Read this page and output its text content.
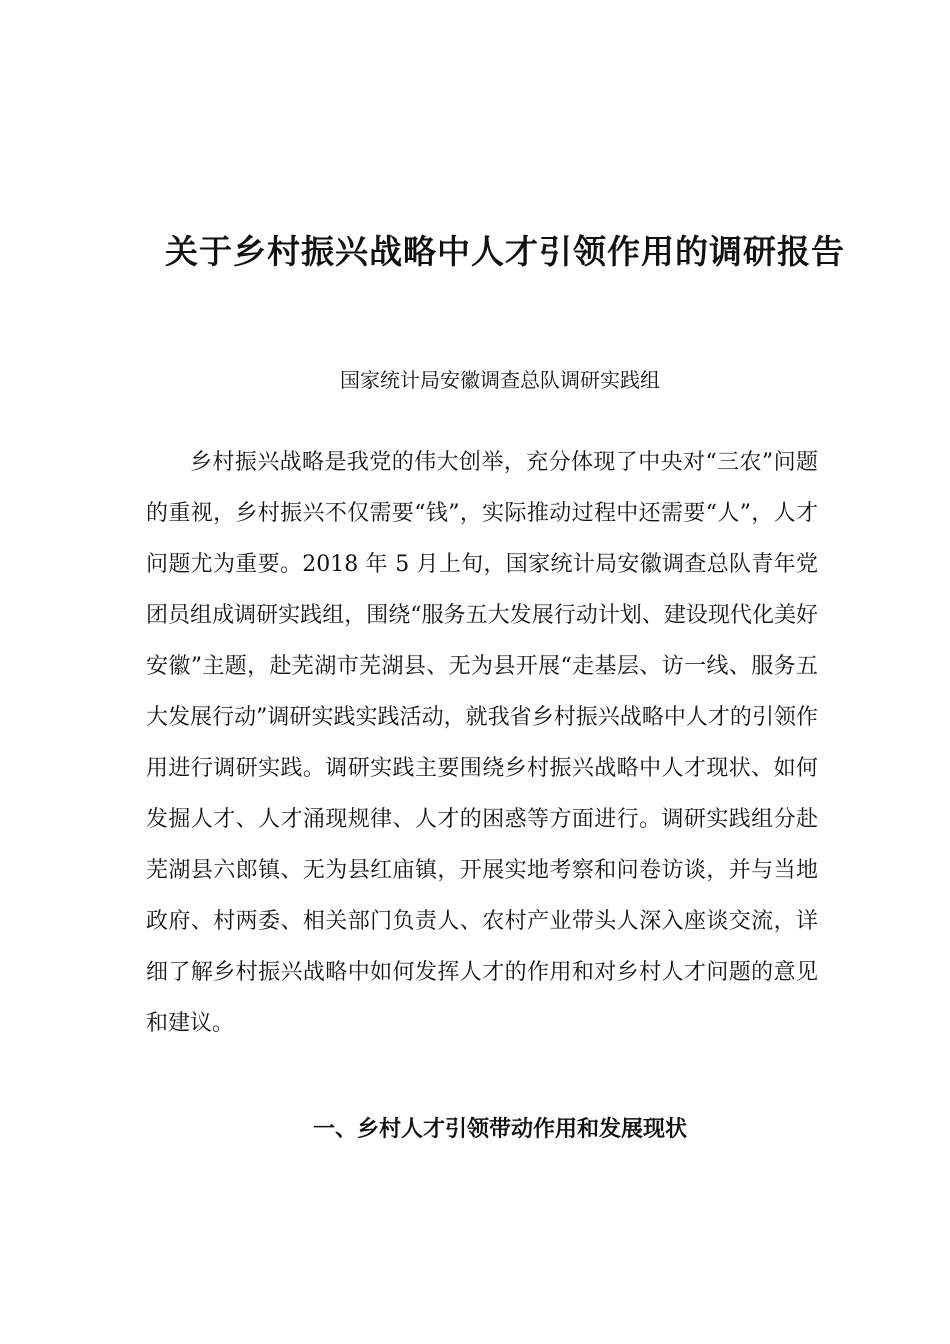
关于乡村振兴战略中人才引领作用的调研报告
国家统计局安徽调查总队调研实践组

乡村振兴战略是我党的伟大创举，充分体现了中央对“三农”问题的重视，乡村振兴不仅需要“钱”，实际推动过程中还需要“人”，人才问题尤为重要。2018 年 5 月上旬，国家统计局安徽调查总队青年党团员组成调研实践组，围绕“服务五大发展行动计划、建设现代化美好安徽”主题，赴芜湖市芜湖县、无为县开展“走基层、访一线、服务五大发展行动”调研实践实践活动，就我省乡村振兴战略中人才的引领作用进行调研实践。调研实践主要围绕乡村振兴战略中人才现状、如何发掘人才、人才涌现规律、人才的困惑等方面进行。调研实践组分赴芜湖县六郎镇、无为县红庙镇，开展实地考察和问卷访谈，并与当地政府、村两委、相关部门负责人、农村产业带头人深入座谈交流，详细了解乡村振兴战略中如何发挥人才的作用和对乡村人才问题的意见和建议。

一、乡村人才引领带动作用和发展现状
